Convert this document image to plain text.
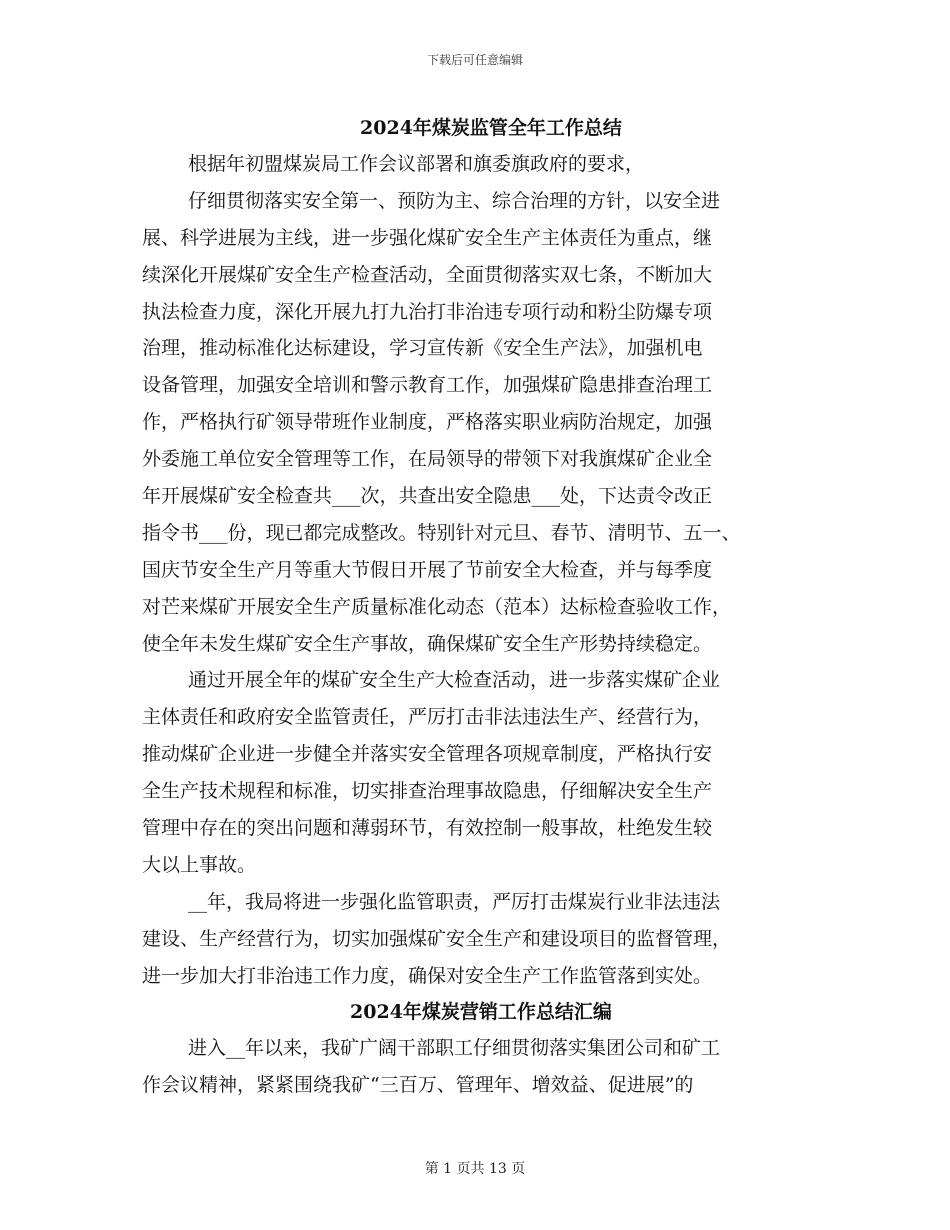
下载后可任意编辑
2024年煤炭监管全年工作总结
根据年初盟煤炭局工作会议部署和旗委旗政府的要求，
仔细贯彻落实安全第一、预防为主、综合治理的方针，以安全进
展、科学进展为主线，进一步强化煤矿安全生产主体责任为重点，继
续深化开展煤矿安全生产检查活动，全面贯彻落实双七条，不断加大
执法检查力度，深化开展九打九治打非治违专项行动和粉尘防爆专项
治理，推动标准化达标建设，学习宣传新《安全生产法》，加强机电
设备管理，加强安全培训和警示教育工作，加强煤矿隐患排查治理工
作，严格执行矿领导带班作业制度，严格落实职业病防治规定，加强
外委施工单位安全管理等工作，在局领导的带领下对我旗煤矿企业全
年开展煤矿安全检查共___次，共查出安全隐患___处，下达责令改正
指令书___份，现已都完成整改。特别针对元旦、春节、清明节、五一、
国庆节安全生产月等重大节假日开展了节前安全大检查，并与每季度
对芒来煤矿开展安全生产质量标准化动态（范本）达标检查验收工作，
使全年未发生煤矿安全生产事故，确保煤矿安全生产形势持续稳定。
通过开展全年的煤矿安全生产大检查活动，进一步落实煤矿企业
主体责任和政府安全监管责任，严厉打击非法违法生产、经营行为，
推动煤矿企业进一步健全并落实安全管理各项规章制度，严格执行安
全生产技术规程和标准，切实排查治理事故隐患，仔细解决安全生产
管理中存在的突出问题和薄弱环节，有效控制一般事故，杜绝发生较
大以上事故。
__年，我局将进一步强化监管职责，严厉打击煤炭行业非法违法
建设、生产经营行为，切实加强煤矿安全生产和建设项目的监督管理，
进一步加大打非治违工作力度，确保对安全生产工作监管落到实处。
2024年煤炭营销工作总结汇编
进入__年以来，我矿广阔干部职工仔细贯彻落实集团公司和矿工
作会议精神，紧紧围绕我矿“三百万、管理年、增效益、促进展”的
第 1 页共 13 页
